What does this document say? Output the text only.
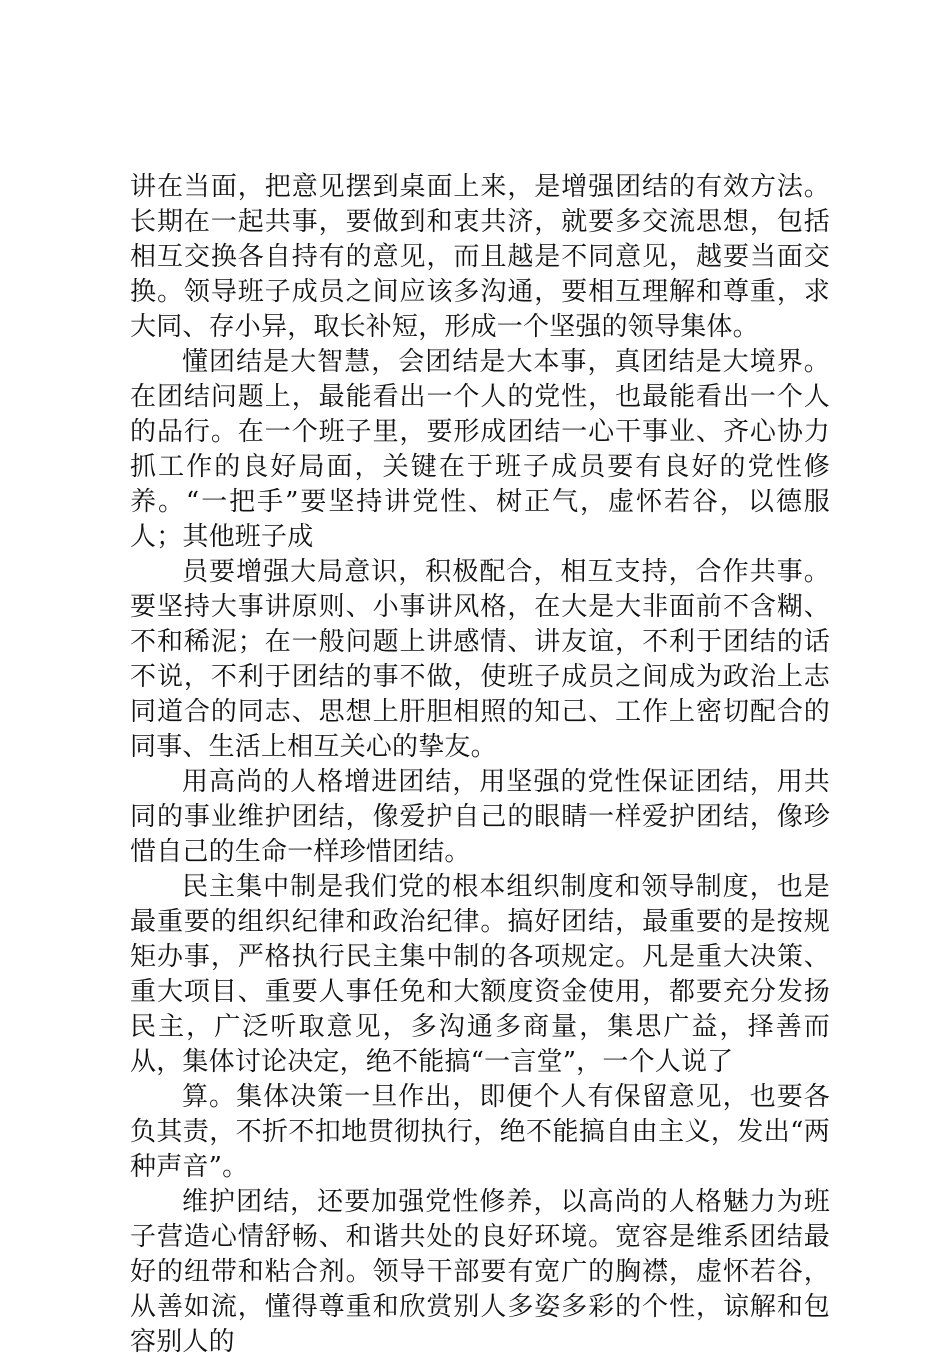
讲在当面，把意见摆到桌面上来，是增强团结的有效方法。长期在一起共事，要做到和衷共济，就要多交流思想，包括相互交换各自持有的意见，而且越是不同意见，越要当面交换。领导班子成员之间应该多沟通，要相互理解和尊重，求大同、存小异，取长补短，形成一个坚强的领导集体。

懂团结是大智慧，会团结是大本事，真团结是大境界。在团结问题上，最能看出一个人的党性，也最能看出一个人的品行。在一个班子里，要形成团结一心干事业、齐心协力抓工作的良好局面，关键在于班子成员要有良好的党性修养。“一把手”要坚持讲党性、树正气，虚怀若谷，以德服人；其他班子成

员要增强大局意识，积极配合，相互支持，合作共事。要坚持大事讲原则、小事讲风格，在大是大非面前不含糊、不和稀泥；在一般问题上讲感情、讲友谊，不利于团结的话不说，不利于团结的事不做，使班子成员之间成为政治上志同道合的同志、思想上肝胆相照的知己、工作上密切配合的同事、生活上相互关心的挚友。

用高尚的人格增进团结，用坚强的党性保证团结，用共同的事业维护团结，像爱护自己的眼睛一样爱护团结，像珍惜自己的生命一样珍惜团结。

民主集中制是我们党的根本组织制度和领导制度，也是最重要的组织纪律和政治纪律。搞好团结，最重要的是按规矩办事，严格执行民主集中制的各项规定。凡是重大决策、重大项目、重要人事任免和大额度资金使用，都要充分发扬民主，广泛听取意见，多沟通多商量，集思广益，择善而从，集体讨论决定，绝不能搞“一言堂”，一个人说了

算。集体决策一旦作出，即便个人有保留意见，也要各负其责，不折不扣地贯彻执行，绝不能搞自由主义，发出“两种声音”。

维护团结，还要加强党性修养，以高尚的人格魅力为班子营造心情舒畅、和谐共处的良好环境。宽容是维系团结最好的纽带和粘合剂。领导干部要有宽广的胸襟，虚怀若谷，从善如流，懂得尊重和欣赏别人多姿多彩的个性，谅解和包容别人的
